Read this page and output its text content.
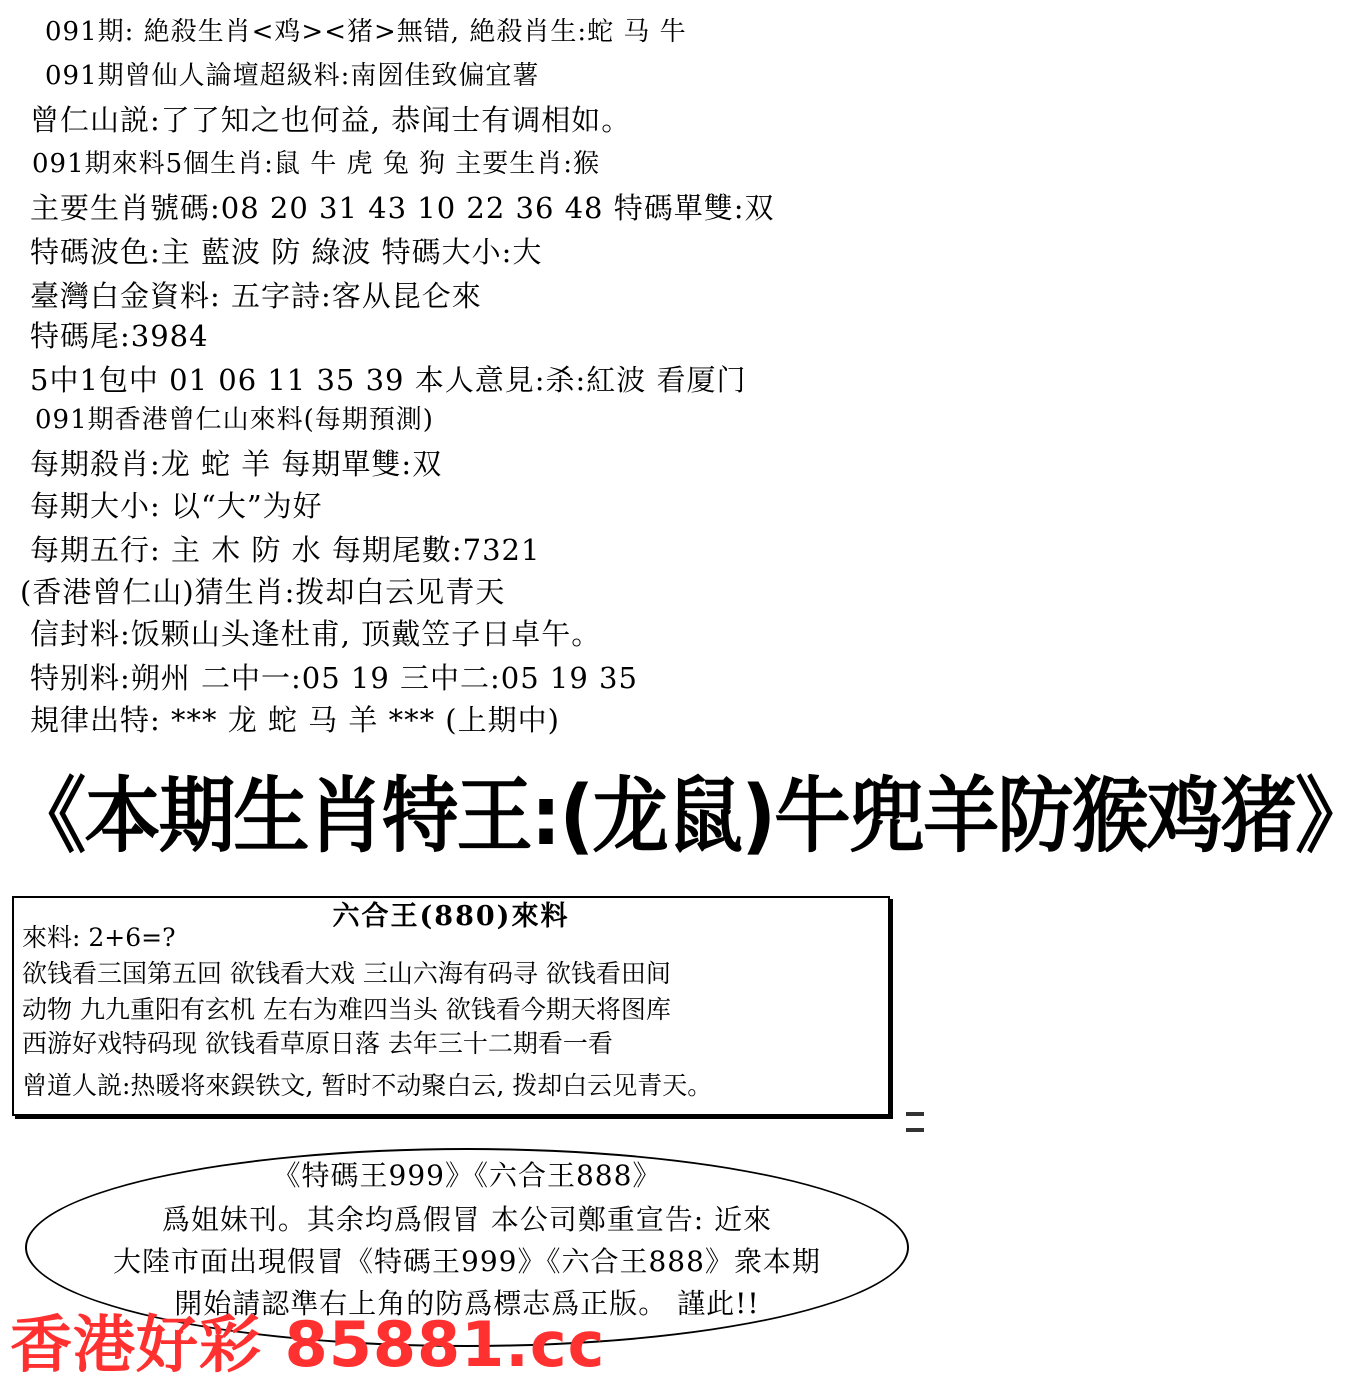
091期: 絶殺生肖<鸡><猪>無错, 絶殺肖生:蛇 马 牛
091期曾仙人論壇超級料:南圀佳致偏宜薯
曾仁山説:了了知之也何益, 恭闻士有调相如。
091期來料5個生肖:鼠 牛 虎 兔 狗 主要生肖:猴
主要生肖號碼:08 20 31 43 10 22 36 48 特碼單雙:双
特碼波色:主 藍波 防 綠波 特碼大小:大
臺灣白金資料: 五字詩:客从昆仑來
特碼尾:3984
5中1包中 01 06 11 35 39 本人意見:杀:紅波 看厦门
091期香港曾仁山來料(每期預測)
每期殺肖:龙 蛇 羊 每期單雙:双
每期大小: 以“大”为好
每期五行: 主 木 防 水 每期尾數:7321
(香港曾仁山)猜生肖:拨却白云见青天
信封料:饭颗山头逢杜甫, 顶戴笠子日卓午。
特别料:朔州 二中一:05 19 三中二:05 19 35
規律出特: *** 龙 蛇 马 羊 *** (上期中)
《本期生肖特王:(龙鼠)牛兜羊防猴鸡猪》
六合王(880)來料
來料: 2+6=?
欲钱看三国第五回 欲钱看大戏 三山六海有码寻 欲钱看田间
动物 九九重阳有玄机 左右为难四当头 欲钱看今期天将图库
西游好戏特码现 欲钱看草原日落 去年三十二期看一看
曾道人説:热暖将來鋘铁文, 暂时不动聚白云, 拨却白云见青天。
《特碼王999》《六合王888》
爲姐妹刊。其余均爲假冒 本公司鄭重宣告: 近來
大陸市面出現假冒《特碼王999》《六合王888》衆本期
開始請認準右上角的防爲標志爲正版。 謹此!!
香港好彩 85881.cc
